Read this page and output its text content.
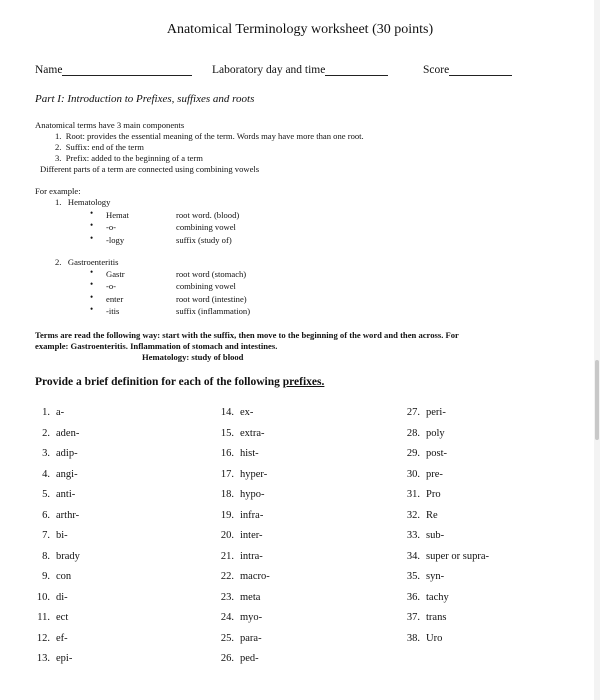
Anatomical Terminology worksheet (30 points)
Name	Laboratory day and time	Score
Part I: Introduction to Prefixes, suffixes and roots
Anatomical terms have 3 main components
1. Root: provides the essential meaning of the term. Words may have more than one root.
2. Suffix: end of the term
3. Prefix: added to the beginning of a term
Different parts of a term are connected using combining vowels
For example:
1. Hematology
• Hemat	root word. (blood)
• -o-	combining vowel
• -logy	suffix (study of)
2. Gastroenteritis
• Gastr	root word (stomach)
• -o-	combining vowel
• enter	root word (intestine)
• -itis	suffix (inflammation)
Terms are read the following way: start with the suffix, then move to the beginning of the word and then across. For
example: Gastroenteritis. Inflammation of stomach and intestines.
Hematology: study of blood
Provide a brief definition for each of the following prefixes.
1. a-
2. aden-
3. adip-
4. angi-
5. anti-
6. arthr-
7. bi-
8. brady
9. con
10. di-
11. ect
12. ef-
13. epi-
14. ex-
15. extra-
16. hist-
17. hyper-
18. hypo-
19. infra-
20. inter-
21. intra-
22. macro-
23. meta
24. myo-
25. para-
26. ped-
27. peri-
28. poly
29. post-
30. pre-
31. Pro
32. Re
33. sub-
34. super or supra-
35. syn-
36. tachy
37. trans
38. Uro
